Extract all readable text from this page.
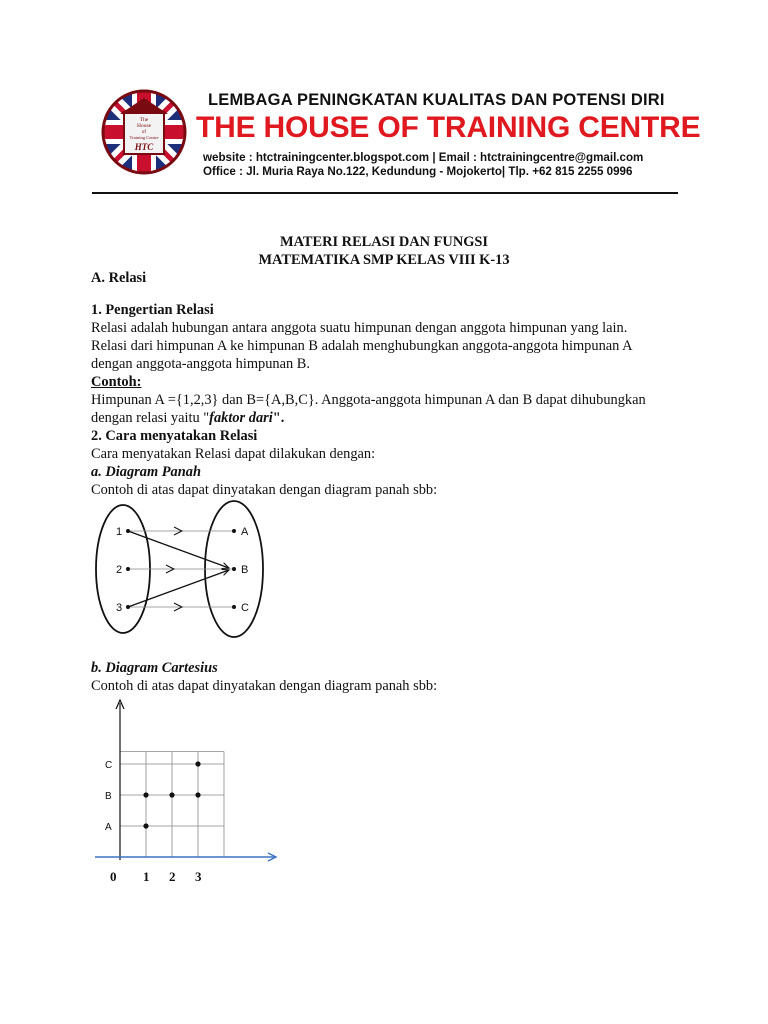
The
House
of
Training Centre
HTC
LEMBAGA PENINGKATAN KUALITAS DAN POTENSI DIRI
THE HOUSE OF TRAINING CENTRE
website : htctrainingcenter.blogspot.com | Email : htctrainingcentre@gmail.com
Office : Jl. Muria Raya No.122, Kedundung - Mojokerto| Tlp. +62 815 2255 0996
MATERI RELASI DAN FUNGSI
MATEMATIKA SMP KELAS VIII K-13
A. Relasi
1. Pengertian Relasi
Relasi adalah hubungan antara anggota suatu himpunan dengan anggota himpunan yang lain.
Relasi dari himpunan A ke himpunan B adalah menghubungkan anggota-anggota himpunan A
dengan anggota-anggota himpunan B.
Contoh:
Himpunan A ={1,2,3} dan B={A,B,C}. Anggota-anggota himpunan A dan B dapat dihubungkan
dengan relasi yaitu "faktor dari".
2. Cara menyatakan Relasi
Cara menyatakan Relasi dapat dilakukan dengan:
a. Diagram Panah
Contoh di atas dapat dinyatakan dengan diagram panah sbb:
1
2
3
A
B
C
b. Diagram Cartesius
Contoh di atas dapat dinyatakan dengan diagram panah sbb:
A
B
C
0 1 2 3
